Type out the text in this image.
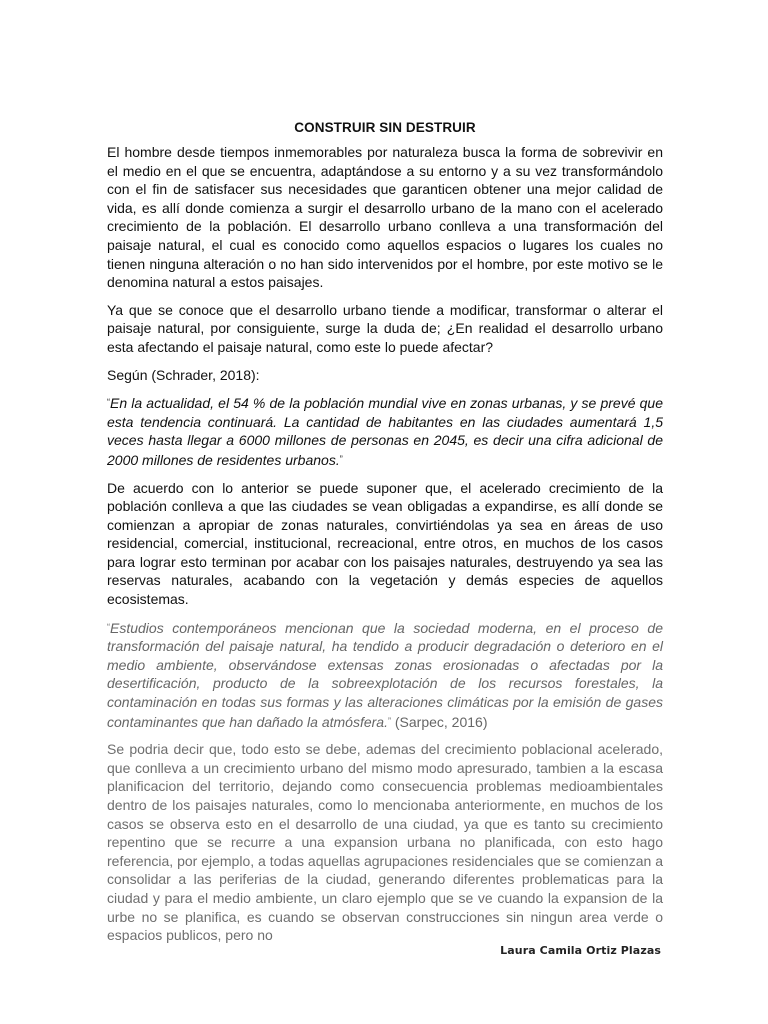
CONSTRUIR SIN DESTRUIR

El hombre desde tiempos inmemorables por naturaleza busca la forma de sobrevivir en el medio en el que se encuentra, adaptándose a su entorno y a su vez transformándolo con el fin de satisfacer sus necesidades que garanticen obtener una mejor calidad de vida, es allí donde comienza a surgir el desarrollo urbano de la mano con el acelerado crecimiento de la población. El desarrollo urbano conlleva a una transformación del paisaje natural, el cual es conocido como aquellos espacios o lugares los cuales no tienen ninguna alteración o no han sido intervenidos por el hombre, por este motivo se le denomina natural a estos paisajes.

Ya que se conoce que el desarrollo urbano tiende a modificar, transformar o alterar el paisaje natural, por consiguiente, surge la duda de; ¿En realidad el desarrollo urbano esta afectando el paisaje natural, como este lo puede afectar?

Según (Schrader, 2018):

“En la actualidad, el 54 % de la población mundial vive en zonas urbanas, y se prevé que esta tendencia continuará. La cantidad de habitantes en las ciudades aumentará 1,5 veces hasta llegar a 6000 millones de personas en 2045, es decir una cifra adicional de 2000 millones de residentes urbanos.”

De acuerdo con lo anterior se puede suponer que, el acelerado crecimiento de la población conlleva a que las ciudades se vean obligadas a expandirse, es allí donde se comienzan a apropiar de zonas naturales, convirtiéndolas ya sea en áreas de uso residencial, comercial, institucional, recreacional, entre otros, en muchos de los casos para lograr esto terminan por acabar con los paisajes naturales, destruyendo ya sea las reservas naturales, acabando con la vegetación y demás especies de aquellos ecosistemas.

“Estudios contemporáneos mencionan que la sociedad moderna, en el proceso de transformación del paisaje natural, ha tendido a producir degradación o deterioro en el medio ambiente, observándose extensas zonas erosionadas o afectadas por la desertificación, producto de la sobreexplotación de los recursos forestales, la contaminación en todas sus formas y las alteraciones climáticas por la emisión de gases contaminantes que han dañado la atmósfera.” (Sarpec, 2016)

Se podria decir que, todo esto se debe, ademas del crecimiento poblacional acelerado, que conlleva a un crecimiento urbano del mismo modo apresurado, tambien a la escasa planificacion del territorio, dejando como consecuencia problemas medioambientales dentro de los paisajes naturales, como lo mencionaba anteriormente, en muchos de los casos se observa esto en el desarrollo de una ciudad, ya que es tanto su crecimiento repentino que se recurre a una expansion urbana no planificada, con esto hago referencia, por ejemplo, a todas aquellas agrupaciones residenciales que se comienzan a consolidar a las periferias de la ciudad, generando diferentes problematicas para la ciudad y para el medio ambiente, un claro ejemplo que se ve cuando la expansion de la urbe no se planifica, es cuando se observan construcciones sin ningun area verde o espacios publicos, pero no

Laura Camila Ortiz Plazas
